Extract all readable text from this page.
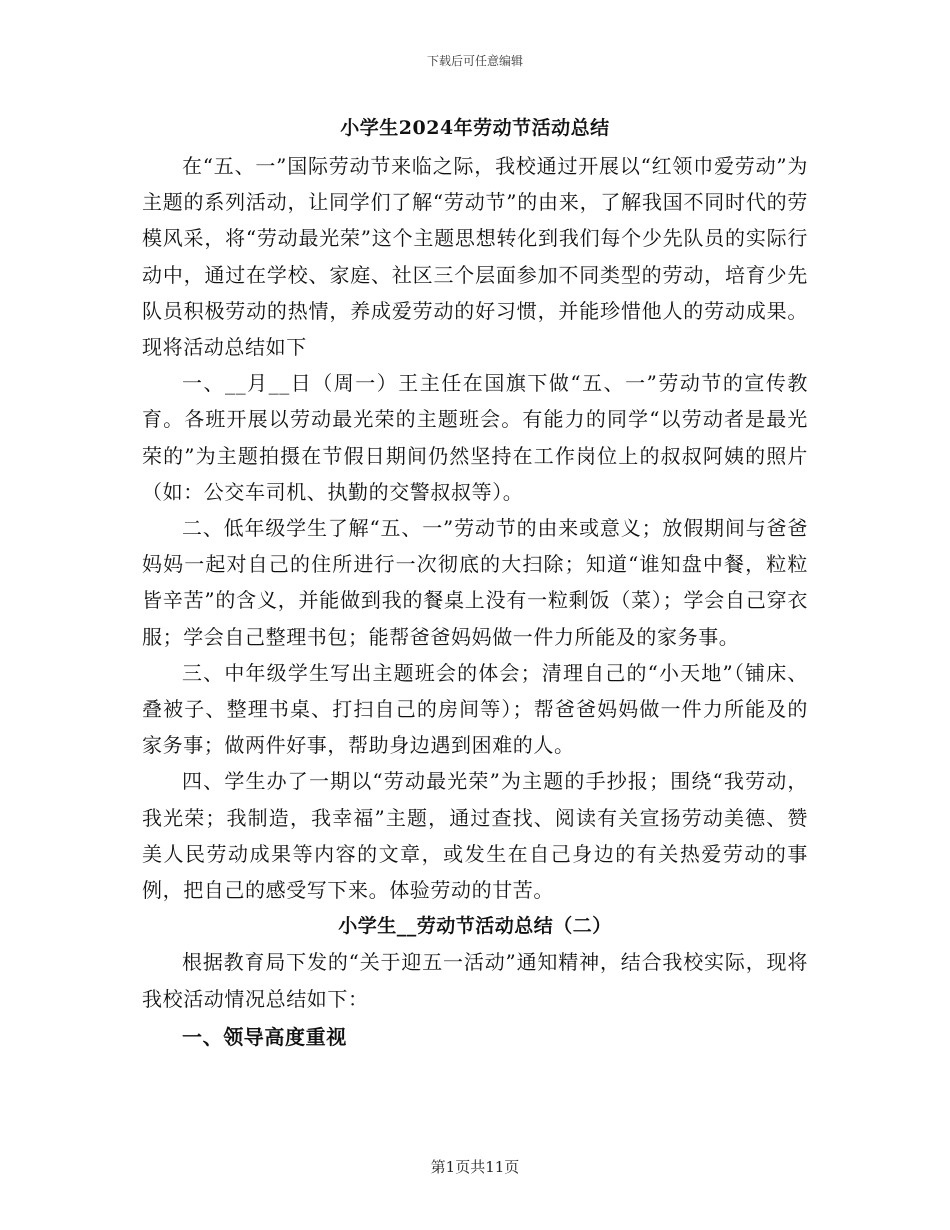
下载后可任意编辑
小学生2024年劳动节活动总结

在“五、一”国际劳动节来临之际，我校通过开展以“红领巾爱劳动”为主题的系列活动，让同学们了解“劳动节”的由来，了解我国不同时代的劳模风采，将“劳动最光荣”这个主题思想转化到我们每个少先队员的实际行动中，通过在学校、家庭、社区三个层面参加不同类型的劳动，培育少先队员积极劳动的热情，养成爱劳动的好习惯，并能珍惜他人的劳动成果。现将活动总结如下

一、__月__日（周一）王主任在国旗下做“五、一”劳动节的宣传教育。各班开展以劳动最光荣的主题班会。有能力的同学“以劳动者是最光荣的”为主题拍摄在节假日期间仍然坚持在工作岗位上的叔叔阿姨的照片（如：公交车司机、执勤的交警叔叔等）。

二、低年级学生了解“五、一”劳动节的由来或意义；放假期间与爸爸妈妈一起对自己的住所进行一次彻底的大扫除；知道“谁知盘中餐，粒粒皆辛苦”的含义，并能做到我的餐桌上没有一粒剩饭（菜）；学会自己穿衣服；学会自己整理书包；能帮爸爸妈妈做一件力所能及的家务事。

三、中年级学生写出主题班会的体会；清理自己的“小天地”（铺床、叠被子、整理书桌、打扫自己的房间等）；帮爸爸妈妈做一件力所能及的家务事；做两件好事，帮助身边遇到困难的人。

四、学生办了一期以“劳动最光荣”为主题的手抄报；围绕“我劳动，我光荣；我制造，我幸福”主题，通过查找、阅读有关宣扬劳动美德、赞美人民劳动成果等内容的文章，或发生在自己身边的有关热爱劳动的事例，把自己的感受写下来。体验劳动的甘苦。

小学生__劳动节活动总结（二）

根据教育局下发的“关于迎五一活动”通知精神，结合我校实际，现将我校活动情况总结如下：

一、领导高度重视
第1页共11页
